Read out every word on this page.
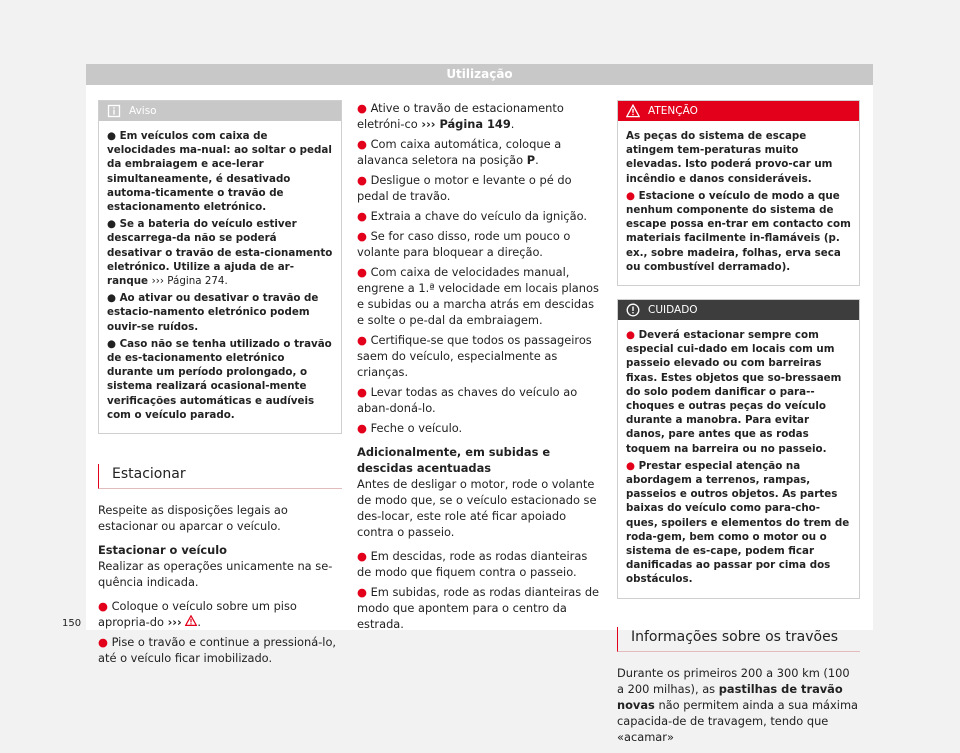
Utilização
Aviso

● Em veículos com caixa de velocidades ma-nual: ao soltar o pedal da embraiagem e ace-lerar simultaneamente, é desativado automa-ticamente o travão de estacionamento eletrónico.

● Se a bateria do veículo estiver descarrega-da não se poderá desativar o travão de esta-cionamento eletrónico. Utilize a ajuda de ar-ranque ››› Página 274.

● Ao ativar ou desativar o travão de estacio-namento eletrónico podem ouvir-se ruídos.

● Caso não se tenha utilizado o travão de es-tacionamento eletrónico durante um período prolongado, o sistema realizará ocasional-mente verificações automáticas e audíveis com o veículo parado.

Estacionar

Respeite as disposições legais ao estacionar ou aparcar o veículo.

Estacionar o veículo

Realizar as operações unicamente na se-quência indicada.

● Coloque o veículo sobre um piso apropria-do ››› .

● Pise o travão e continue a pressioná-lo, até o veículo ficar imobilizado.

● Ative o travão de estacionamento eletróni-co ››› Página 149.

● Com caixa automática, coloque a alavanca seletora na posição P.

● Desligue o motor e levante o pé do pedal de travão.

● Extraia a chave do veículo da ignição.

● Se for caso disso, rode um pouco o volante para bloquear a direção.

● Com caixa de velocidades manual, engrene a 1.ª velocidade em locais planos e subidas ou a marcha atrás em descidas e solte o pe-dal da embraiagem.

● Certifique-se que todos os passageiros saem do veículo, especialmente as crianças.

● Levar todas as chaves do veículo ao aban-doná-lo.

● Feche o veículo.

Adicionalmente, em subidas e descidas acentuadas

Antes de desligar o motor, rode o volante de modo que, se o veículo estacionado se des-locar, este role até ficar apoiado contra o passeio.

● Em descidas, rode as rodas dianteiras de modo que fiquem contra o passeio.

● Em subidas, rode as rodas dianteiras de modo que apontem para o centro da estrada.

ATENÇÃO

As peças do sistema de escape atingem tem-peraturas muito elevadas. Isto poderá provo-car um incêndio e danos consideráveis.

● Estacione o veículo de modo a que nenhum componente do sistema de escape possa en-trar em contacto com materiais facilmente in-flamáveis (p. ex., sobre madeira, folhas, erva seca ou combustível derramado).

CUIDADO

● Deverá estacionar sempre com especial cui-dado em locais com um passeio elevado ou com barreiras fixas. Estes objetos que so-bressaem do solo podem danificar o para--choques e outras peças do veículo durante a manobra. Para evitar danos, pare antes que as rodas toquem na barreira ou no passeio.

● Prestar especial atenção na abordagem a terrenos, rampas, passeios e outros objetos. As partes baixas do veículo como para-cho-ques, spoilers e elementos do trem de roda-gem, bem como o motor ou o sistema de es-cape, podem ficar danificadas ao passar por cima dos obstáculos.

Informações sobre os travões

Durante os primeiros 200 a 300 km (100 a 200 milhas), as pastilhas de travão novas não permitem ainda a sua máxima capacida-de de travagem, tendo que «acamar»

150
